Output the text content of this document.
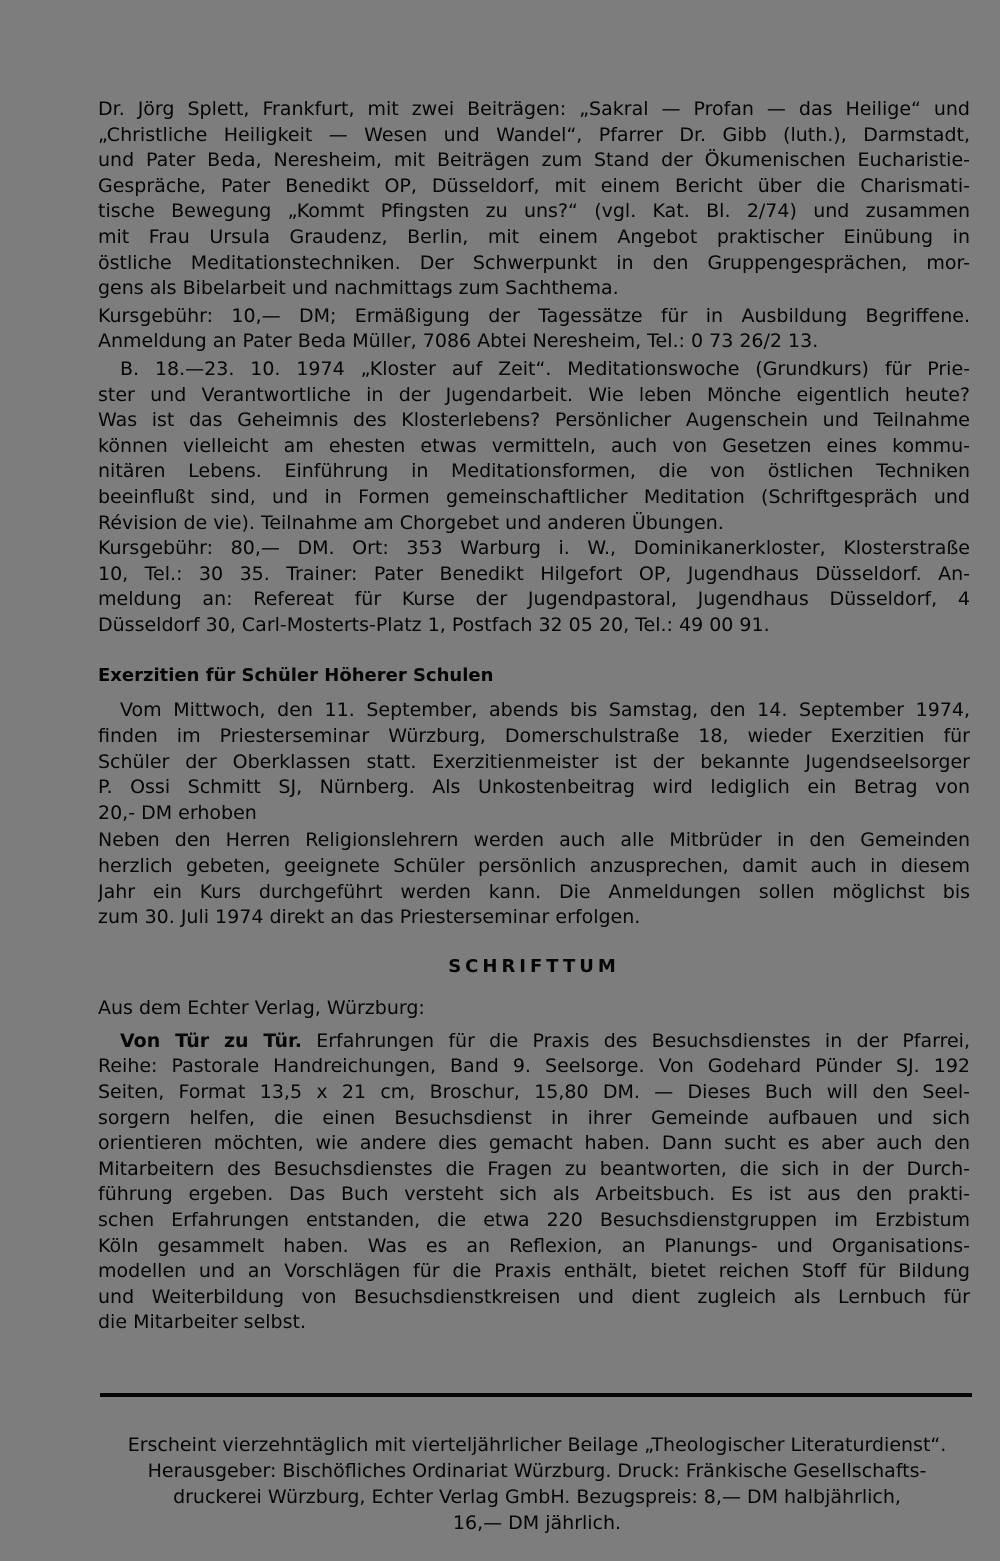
Dr. Jörg Splett, Frankfurt, mit zwei Beiträgen: „Sakral — Profan — das Heilige“ und
„Christliche Heiligkeit — Wesen und Wandel“, Pfarrer Dr. Gibb (luth.), Darmstadt,
und Pater Beda, Neresheim, mit Beiträgen zum Stand der Ökumenischen Eucharistie-
Gespräche, Pater Benedikt OP, Düsseldorf, mit einem Bericht über die Charismati-
tische Bewegung „Kommt Pfingsten zu uns?“ (vgl. Kat. Bl. 2/74) und zusammen
mit Frau Ursula Graudenz, Berlin, mit einem Angebot praktischer Einübung in
östliche Meditationstechniken. Der Schwerpunkt in den Gruppengesprächen, mor-
gens als Bibelarbeit und nachmittags zum Sachthema.
Kursgebühr: 10,— DM; Ermäßigung der Tagessätze für in Ausbildung Begriffene.
Anmeldung an Pater Beda Müller, 7086 Abtei Neresheim, Tel.: 0 73 26/2 13.
B. 18.—23. 10. 1974 „Kloster auf Zeit“. Meditationswoche (Grundkurs) für Prie-
ster und Verantwortliche in der Jugendarbeit. Wie leben Mönche eigentlich heute?
Was ist das Geheimnis des Klosterlebens? Persönlicher Augenschein und Teilnahme
können vielleicht am ehesten etwas vermitteln, auch von Gesetzen eines kommu-
nitären Lebens. Einführung in Meditationsformen, die von östlichen Techniken
beeinflußt sind, und in Formen gemeinschaftlicher Meditation (Schriftgespräch und
Révision de vie). Teilnahme am Chorgebet und anderen Übungen.
Kursgebühr: 80,— DM. Ort: 353 Warburg i. W., Dominikanerkloster, Klosterstraße
10, Tel.: 30 35. Trainer: Pater Benedikt Hilgefort OP, Jugendhaus Düsseldorf. An-
meldung an: Refereat für Kurse der Jugendpastoral, Jugendhaus Düsseldorf, 4
Düsseldorf 30, Carl-Mosterts-Platz 1, Postfach 32 05 20, Tel.: 49 00 91.
Exerzitien für Schüler Höherer Schulen
Vom Mittwoch, den 11. September, abends bis Samstag, den 14. September 1974,
finden im Priesterseminar Würzburg, Domerschulstraße 18, wieder Exerzitien für
Schüler der Oberklassen statt. Exerzitienmeister ist der bekannte Jugendseelsorger
P. Ossi Schmitt SJ, Nürnberg. Als Unkostenbeitrag wird lediglich ein Betrag von
20,- DM erhoben
Neben den Herren Religionslehrern werden auch alle Mitbrüder in den Gemeinden
herzlich gebeten, geeignete Schüler persönlich anzusprechen, damit auch in diesem
Jahr ein Kurs durchgeführt werden kann. Die Anmeldungen sollen möglichst bis
zum 30. Juli 1974 direkt an das Priesterseminar erfolgen.
SCHRIFTTUM
Aus dem Echter Verlag, Würzburg:
Von Tür zu Tür. Erfahrungen für die Praxis des Besuchsdienstes in der Pfarrei,
Reihe: Pastorale Handreichungen, Band 9. Seelsorge. Von Godehard Pünder SJ. 192
Seiten, Format 13,5 x 21 cm, Broschur, 15,80 DM. — Dieses Buch will den Seel-
sorgern helfen, die einen Besuchsdienst in ihrer Gemeinde aufbauen und sich
orientieren möchten, wie andere dies gemacht haben. Dann sucht es aber auch den
Mitarbeitern des Besuchsdienstes die Fragen zu beantworten, die sich in der Durch-
führung ergeben. Das Buch versteht sich als Arbeitsbuch. Es ist aus den prakti-
schen Erfahrungen entstanden, die etwa 220 Besuchsdienstgruppen im Erzbistum
Köln gesammelt haben. Was es an Reflexion, an Planungs- und Organisations-
modellen und an Vorschlägen für die Praxis enthält, bietet reichen Stoff für Bildung
und Weiterbildung von Besuchsdienstkreisen und dient zugleich als Lernbuch für
die Mitarbeiter selbst.
Erscheint vierzehntäglich mit vierteljährlicher Beilage „Theologischer Literaturdienst“.
Herausgeber: Bischöfliches Ordinariat Würzburg. Druck: Fränkische Gesellschafts-
druckerei Würzburg, Echter Verlag GmbH. Bezugspreis: 8,— DM halbjährlich,
16,— DM jährlich.
